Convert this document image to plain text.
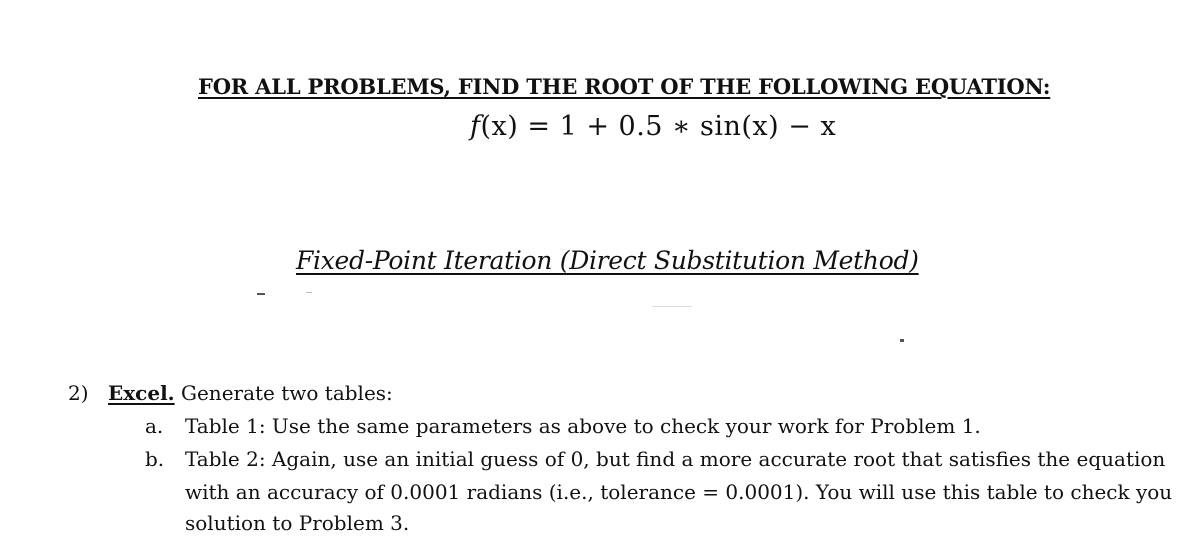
FOR ALL PROBLEMS, FIND THE ROOT OF THE FOLLOWING EQUATION:
f(x) = 1 + 0.5 ∗ sin(x) − x
Fixed-Point Iteration (Direct Substitution Method)
2) Excel. Generate two tables:
a. Table 1: Use the same parameters as above to check your work for Problem 1.
b. Table 2: Again, use an initial guess of 0, but find a more accurate root that satisfies the equation
with an accuracy of 0.0001 radians (i.e., tolerance = 0.0001). You will use this table to check you
solution to Problem 3.
